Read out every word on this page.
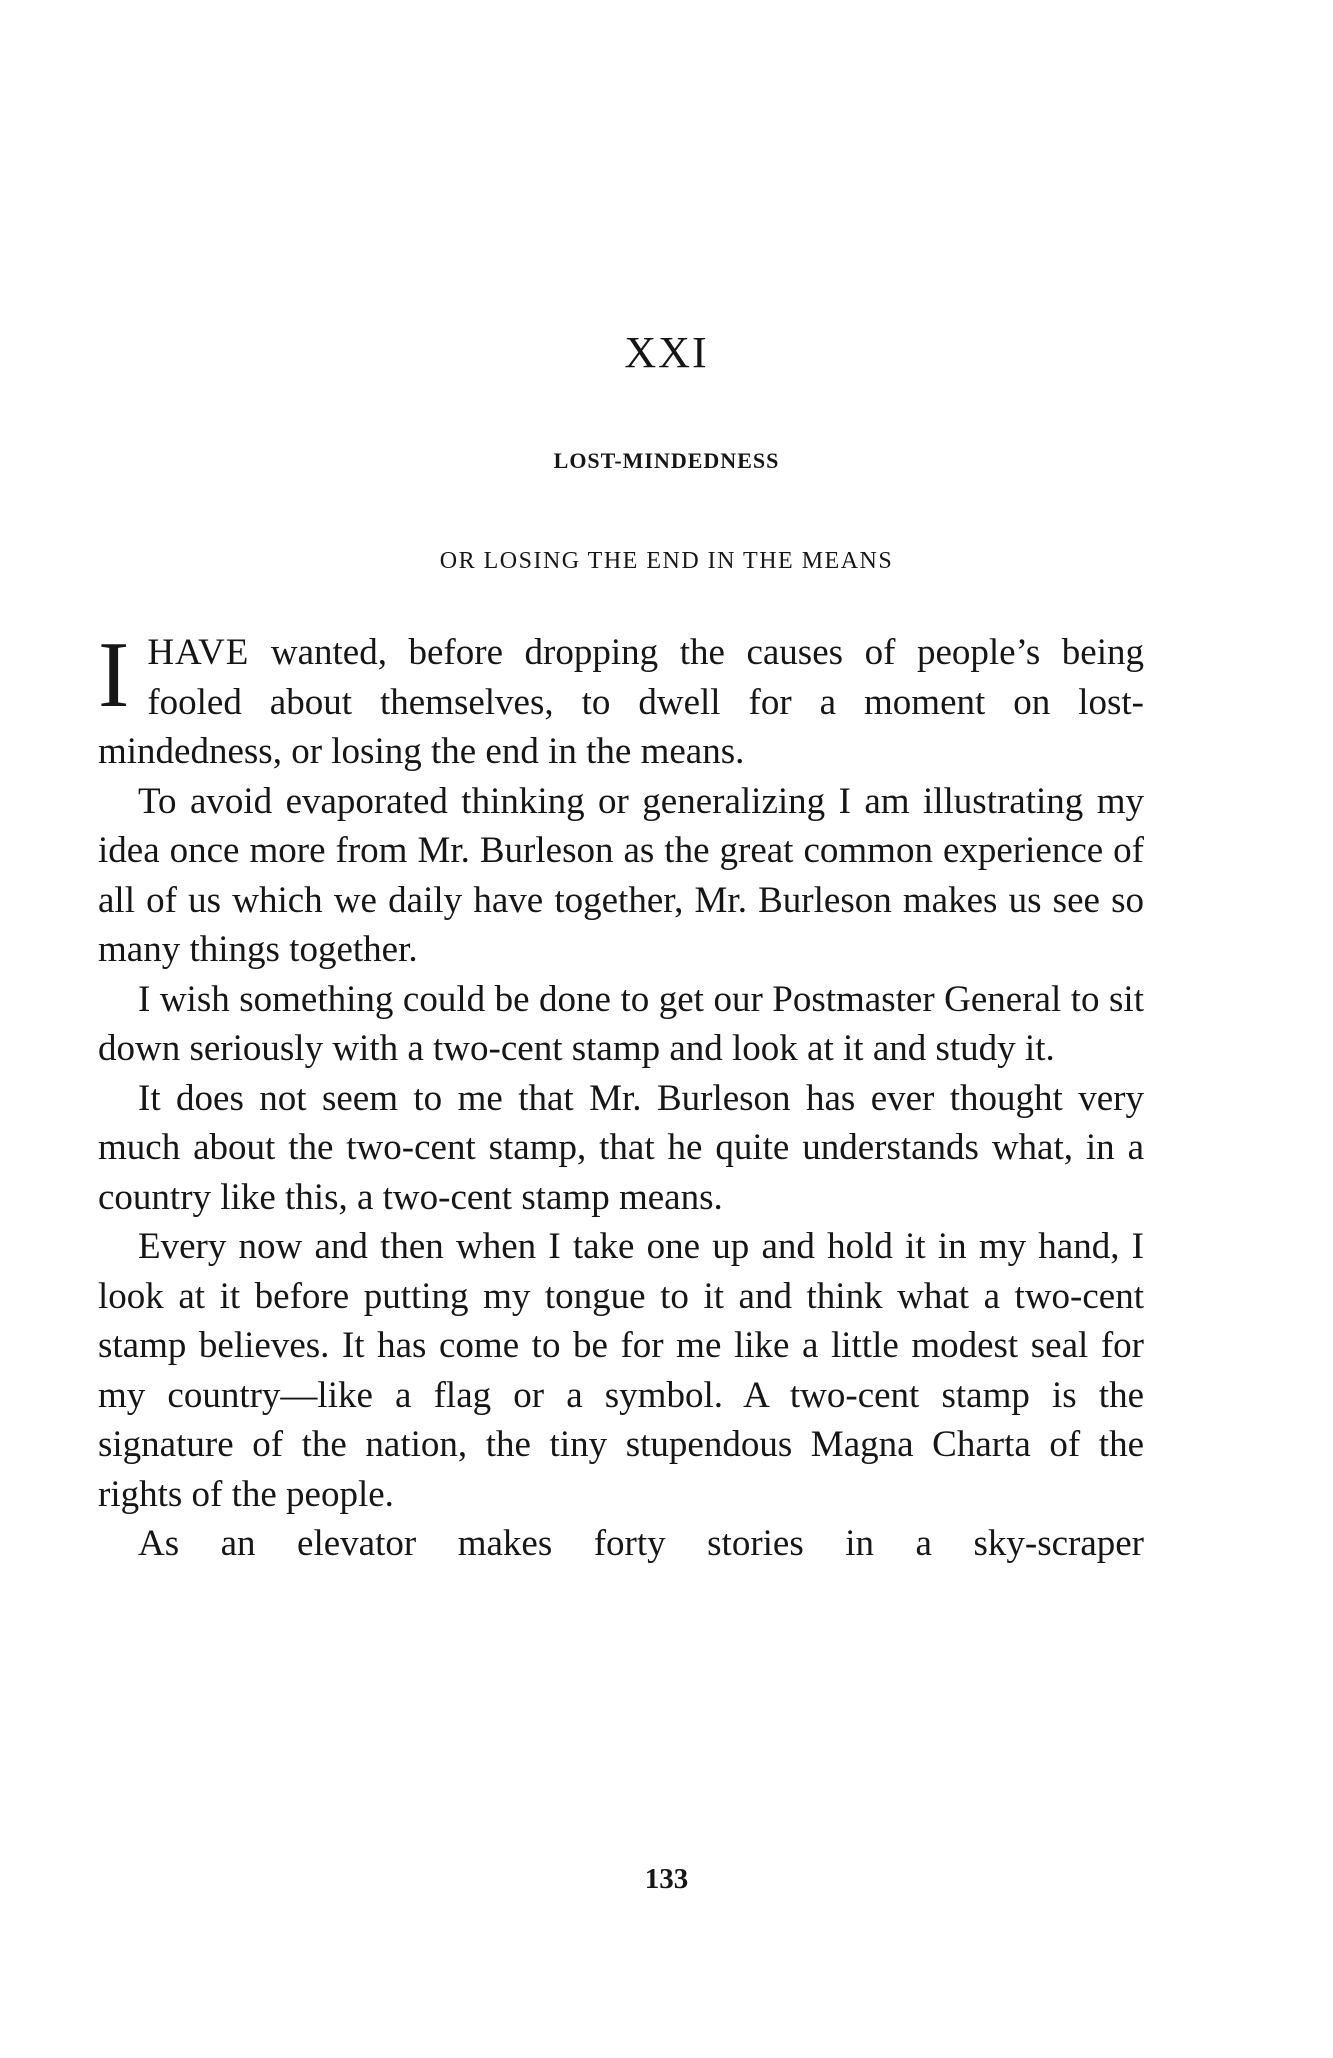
XXI
LOST-MINDEDNESS
OR LOSING THE END IN THE MEANS

IHAVE wanted, before dropping the causes of people’s being fooled about themselves, to dwell for a moment on lost-mindedness, or losing the end in the means.

To avoid evaporated thinking or generalizing I am illustrating my idea once more from Mr. Burleson as the great common experience of all of us which we daily have together, Mr. Burleson makes us see so many things together.

I wish something could be done to get our Postmaster General to sit down seriously with a two-cent stamp and look at it and study it.

It does not seem to me that Mr. Burleson has ever thought very much about the two-cent stamp, that he quite understands what, in a country like this, a two-cent stamp means.

Every now and then when I take one up and hold it in my hand, I look at it before putting my tongue to it and think what a two-cent stamp believes. It has come to be for me like a little modest seal for my country—like a flag or a symbol. A two-cent stamp is the signature of the nation, the tiny stupendous Magna Charta of the rights of the people.

As an elevator makes forty stories in a sky-scraper

133
